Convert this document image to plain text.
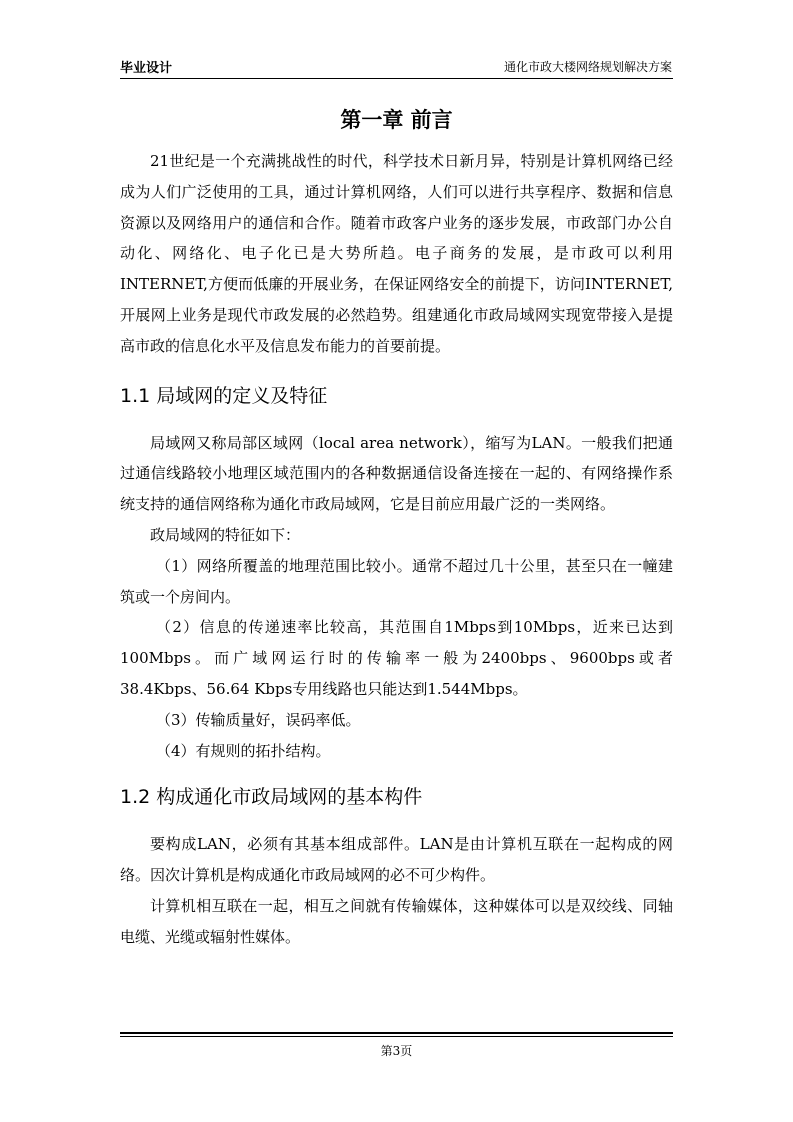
毕业设计	通化市政大楼网络规划解决方案
第一章 前言

21世纪是一个充满挑战性的时代，科学技术日新月异，特别是计算机网络已经成为人们广泛使用的工具，通过计算机网络，人们可以进行共享程序、数据和信息资源以及网络用户的通信和合作。随着市政客户业务的逐步发展，市政部门办公自动化、网络化、电子化已是大势所趋。电子商务的发展，是市政可以利用INTERNET,方便而低廉的开展业务，在保证网络安全的前提下，访问INTERNET,开展网上业务是现代市政发展的必然趋势。组建通化市政局域网实现宽带接入是提高市政的信息化水平及信息发布能力的首要前提。

1.1 局域网的定义及特征

局域网又称局部区域网（local area network），缩写为LAN。一般我们把通过通信线路较小地理区域范围内的各种数据通信设备连接在一起的、有网络操作系统支持的通信网络称为通化市政局域网，它是目前应用最广泛的一类网络。

政局域网的特征如下：

（1）网络所覆盖的地理范围比较小。通常不超过几十公里，甚至只在一幢建筑或一个房间内。

（2）信息的传递速率比较高，其范围自1Mbps到10Mbps，近来已达到100Mbps。而广域网运行时的传输率一般为2400bps、9600bps或者38.4Kbps、56.64 Kbps专用线路也只能达到1.544Mbps。

（3）传输质量好，误码率低。

（4）有规则的拓扑结构。

1.2 构成通化市政局域网的基本构件

要构成LAN，必须有其基本组成部件。LAN是由计算机互联在一起构成的网络。因次计算机是构成通化市政局域网的必不可少构件。

计算机相互联在一起，相互之间就有传输媒体，这种媒体可以是双绞线、同轴电缆、光缆或辐射性媒体。

第3页
